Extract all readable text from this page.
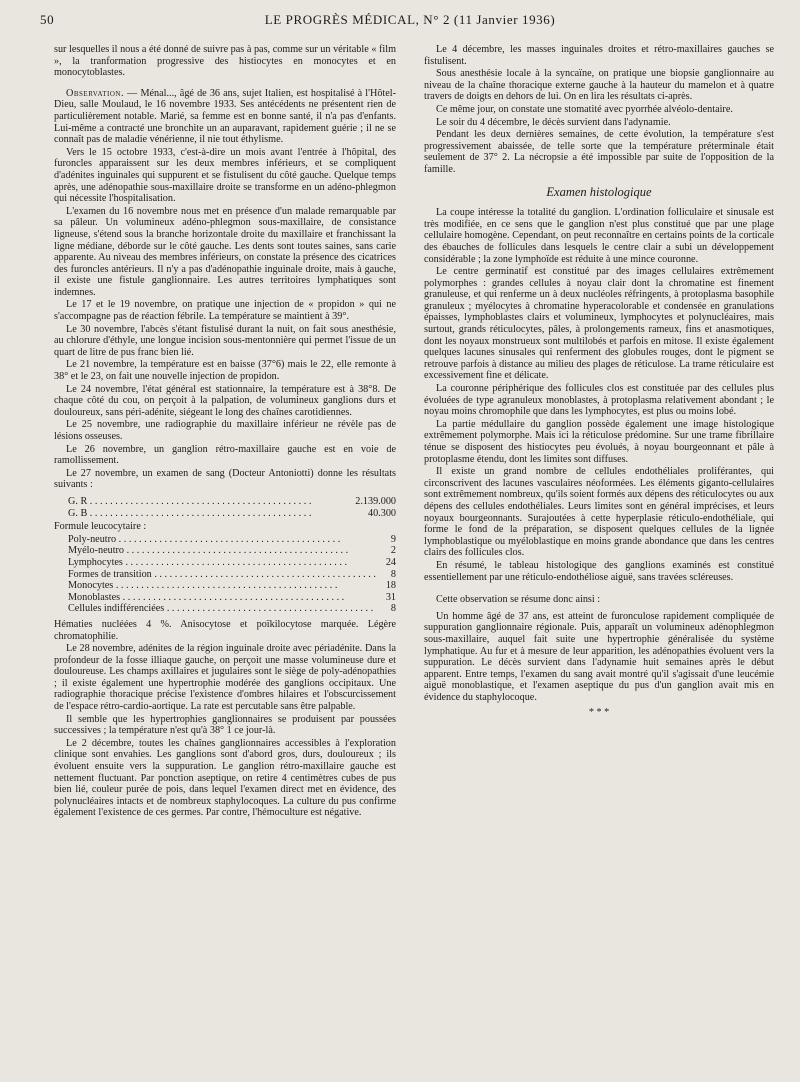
50	LE PROGRÈS MÉDICAL, N° 2 (11 Janvier 1936)

sur lesquelles il nous a été donné de suivre pas à pas, comme sur un véritable « film », la tranformation progressive des histiocytes en monocytes et en monocytoblastes.

Observation. — Ménal..., âgé de 36 ans, sujet Italien, est hospitalisé à l'Hôtel-Dieu, salle Moulaud, le 16 novembre 1933. Ses antécédents ne présentent rien de particulièrement notable. Marié, sa femme est en bonne santé, il n'a pas d'enfants. Lui-même a contracté une bronchite un an auparavant, rapidement guérie ; il ne se connaît pas de maladie vénérienne, il nie tout éthylisme.

Vers le 15 octobre 1933, c'est-à-dire un mois avant l'entrée à l'hôpital, des furoncles apparaissent sur les deux membres inférieurs, et se compliquent d'adénites inguinales qui suppurent et se fistulisent du côté gauche. Quelque temps après, une adénopathie sous-maxillaire droite se transforme en un adéno-phlegmon qui nécessite l'hospitalisation.

L'examen du 16 novembre nous met en présence d'un malade remarquable par sa pâleur. Un volumineux adéno-phlegmon sous-maxillaire, de consistance ligneuse, s'étend sous la branche horizontale droite du maxillaire et franchissant la ligne médiane, déborde sur le côté gauche. Les dents sont toutes saines, sans carie apparente. Au niveau des membres inférieurs, on constate la présence des cicatrices des furoncles antérieurs. Il n'y a pas d'adénopathie inguinale droite, mais à gauche, il existe une fistule ganglionnaire. Les autres territoires lymphatiques sont indemnes.

Le 17 et le 19 novembre, on pratique une injection de « propidon » qui ne s'accompagne pas de réaction fébrile. La température se maintient à 39°.

Le 30 novembre, l'abcès s'étant fistulisé durant la nuit, on fait sous anesthésie, au chlorure d'éthyle, une longue incision sous-mentonnière qui permet l'issue de un quart de litre de pus franc bien lié.

Le 21 novembre, la température est en baisse (37°6) mais le 22, elle remonte à 38° et le 23, on fait une nouvelle injection de propidon.

Le 24 novembre, l'état général est stationnaire, la température est à 38°8. De chaque côté du cou, on perçoit à la palpation, de volumineux ganglions durs et douloureux, sans péri-adénite, siégeant le long des chaînes carotidiennes.

Le 25 novembre, une radiographie du maxillaire inférieur ne révèle pas de lésions osseuses.

Le 26 novembre, un ganglion rétro-maxillaire gauche est en voie de ramollissement.

Le 27 novembre, un examen de sang (Docteur Antoniotti) donne les résultats suivants :

G. R . . .	2.139.000
G. B . . .	40.300

Formule leucocytaire :

Poly-neutro . . .	9
Myélo-neutro . . .	2
Lymphocytes . . .	24
Formes de transition . . .	8
Monocytes . . .	18
Monoblastes . . .	31
Cellules indifférenciées . . .	8

Hématies nucléées 4 %. Anisocytose et poïkilocytose marquée. Légère chromatophilie.

Le 28 novembre, adénites de la région inguinale droite avec périadénite. Dans la profondeur de la fosse illiaque gauche, on perçoit une masse volumineuse dure et douloureuse. Les champs axillaires et jugulaires sont le siège de poly-adénopathies ; il existe également une hypertrophie modérée des ganglions occipitaux. Une radiographie thoracique précise l'existence d'ombres hilaires et l'obscurcissement de l'espace rétro-cardio-aortique. La rate est percutable sans être palpable.

Il semble que les hypertrophies ganglionnaires se produisent par poussées successives ; la température n'est qu'à 38° 1 ce jour-là.

Le 2 décembre, toutes les chaînes ganglionnaires accessibles à l'exploration clinique sont envahies. Les ganglions sont d'abord gros, durs, douloureux ; ils évoluent ensuite vers la suppuration. Le ganglion rétro-maxillaire gauche est nettement fluctuant. Par ponction aseptique, on retire 4 centimètres cubes de pus bien lié, couleur purée de pois, dans lequel l'examen direct met en évidence, des polynucléaires intacts et de nombreux staphylocoques. La culture du pus confirme également l'existence de ces germes. Par contre, l'hémoculture est négative.

Le 4 décembre, les masses inguinales droites et rétro-maxillaires gauches se fistulisent.

Sous anesthésie locale à la syncaïne, on pratique une biopsie ganglionnaire au niveau de la chaîne thoracique externe gauche à la hauteur du mamelon et à quatre travers de doigts en dehors de lui. On en lira les résultats ci-après.

Ce même jour, on constate une stomatité avec pyorrhée alvéolo-dentaire.

Le soir du 4 décembre, le décès survient dans l'adynamie.

Pendant les deux dernières semaines, de cette évolution, la température s'est progressivement abaissée, de telle sorte que la température préterminale était seulement de 37° 2. La nécropsie a été impossible par suite de l'opposition de la famille.

Examen histologique

La coupe intéresse la totalité du ganglion. L'ordination folliculaire et sinusale est très modifiée, en ce sens que le ganglion n'est plus constitué que par une plage cellulaire homogène. Cependant, on peut reconnaître en certains points de la corticale des ébauches de follicules dans lesquels le centre clair a subi un développement considérable ; la zone lymphoïde est réduite à une mince couronne.

Le centre germinatif est constitué par des images cellulaires extrêmement polymorphes : grandes cellules à noyau clair dont la chromatine est finement granuleuse, et qui renferme un à deux nucléoles réfringents, à protoplasma basophile granuleux ; myélocytes à chromatine hyperacolorable et condensée en granulations épaisses, lymphoblastes clairs et volumineux, lymphocytes et polynucléaires, mais surtout, grands réticulocytes, pâles, à prolongements rameux, fins et anasmotiques, dont les noyaux monstrueux sont multilobés et parfois en mitose. Il existe également quelques lacunes sinusales qui renferment des globules rouges, dont le pigment se retrouve parfois à distance au milieu des plages de réticulose. La trame réticulaire est excessivement fine et délicate.

La couronne périphérique des follicules clos est constituée par des cellules plus évoluées de type agranuleux monoblastes, à protoplasma relativement abondant ; le noyau moins chromophile que dans les lymphocytes, est plus ou moins lobé.

La partie médullaire du ganglion possède également une image histologique extrêmement polymorphe. Mais ici la réticulose prédomine. Sur une trame fibrillaire ténue se disposent des histiocytes peu évolués, à noyau bourgeonnant et pâle à protoplasme étendu, dont les limites sont diffuses.

Il existe un grand nombre de cellules endothéliales proliférantes, qui circonscrivent des lacunes vasculaires néoformées. Les éléments giganto-cellulaires sont extrêmement nombreux, qu'ils soient formés aux dépens des réticulocytes ou aux dépens des cellules endothéliales. Leurs limites sont en général imprécises, et leurs noyaux bourgeonnants. Surajoutées à cette hyperplasie réticulo-endothéliale, qui forme le fond de la préparation, se disposent quelques cellules de la lignée lymphoblastique ou myéloblastique en moins grande abondance que dans les centres clairs des follicules clos.

En résumé, le tableau histologique des ganglions examinés est constitué essentiellement par une réticulo-endothéliose aiguë, sans travées scléreuses.

Cette observation se résume donc ainsi :

Un homme âgé de 37 ans, est atteint de furonculose rapidement compliquée de suppuration ganglionnaire régionale. Puis, apparaît un volumineux adénophlegmon sous-maxillaire, auquel fait suite une hypertrophie généralisée du système lymphatique. Au fur et à mesure de leur apparition, les adénopathies évoluent vers la suppuration. Le décès survient dans l'adynamie huit semaines après le début apparent. Entre temps, l'examen du sang avait montré qu'il s'agissait d'une leucémie aiguë monoblastique, et l'examen aseptique du pus d'un ganglion avait mis en évidence du staphylocoque.

* * *
